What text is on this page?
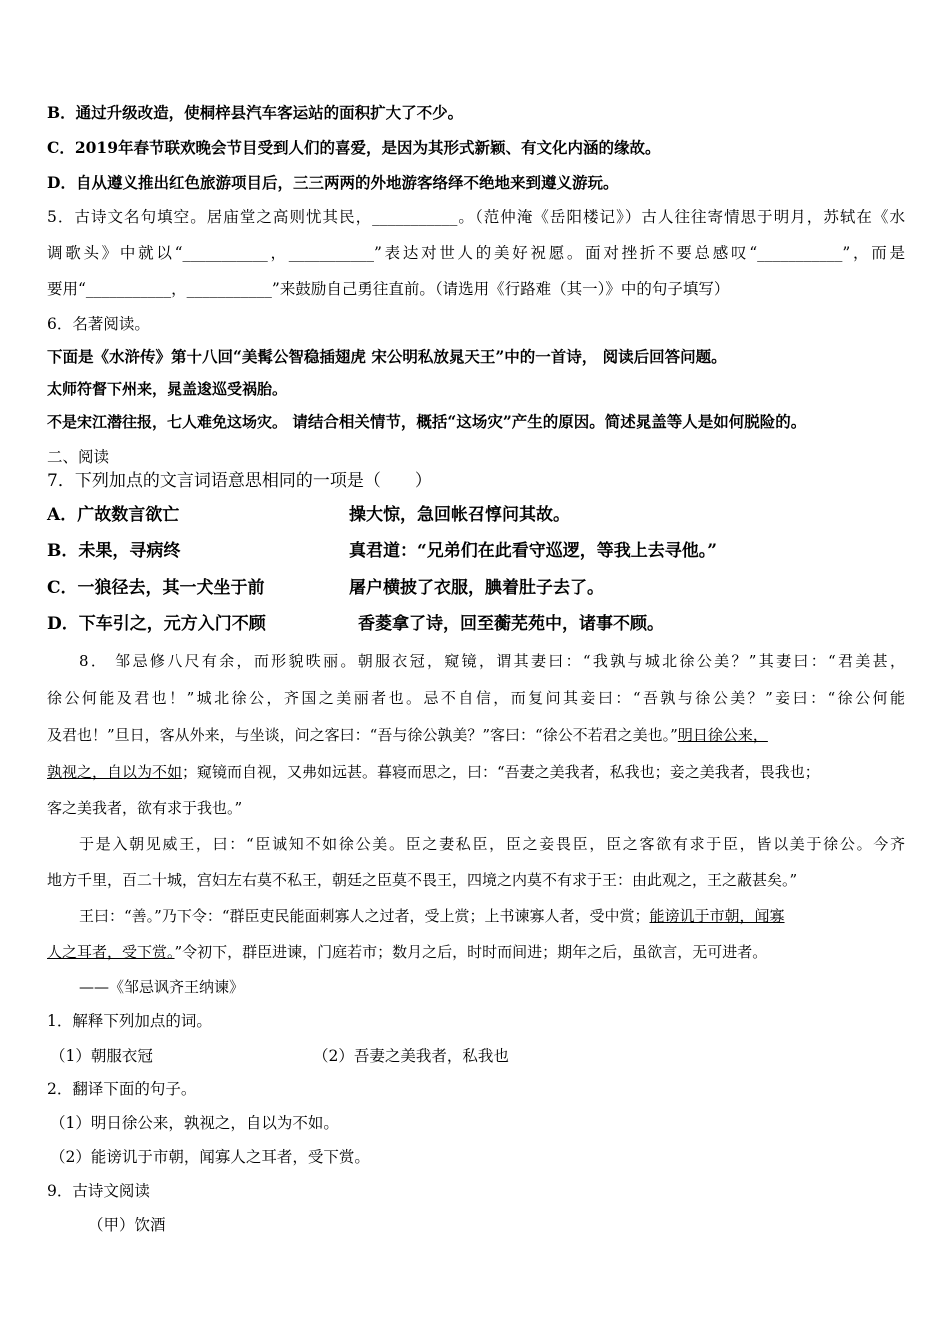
B．通过升级改造，使桐梓县汽车客运站的面积扩大了不少。
C．2019年春节联欢晚会节目受到人们的喜爱，是因为其形式新颖、有文化内涵的缘故。
D．自从遵义推出红色旅游项目后，三三两两的外地游客络绎不绝地来到遵义游玩。
5．古诗文名句填空。居庙堂之高则忧其民，___________。（范仲淹《岳阳楼记》）古人往往寄情思于明月，苏轼在《水
调歌头》中就以“___________，___________”表达对世人的美好祝愿。面对挫折不要总感叹“___________”，而是
要用“___________，___________”来鼓励自己勇往直前。（请选用《行路难（其一）》中的句子填写）
6．名著阅读。
下面是《水浒传》第十八回“美髯公智稳插翅虎 宋公明私放晁天王”中的一首诗， 阅读后回答问题。
太师符督下州来，晁盖逡巡受祸胎。
不是宋江潜往报，七人难免这场灾。 请结合相关情节，概括“这场灾”产生的原因。简述晁盖等人是如何脱险的。
二、阅读
7．下列加点的文言词语意思相同的一项是（　　）
A．广故数言欲亡	操大惊，急回帐召惇问其故。
B．未果，寻病终	真君道：“兄弟们在此看守巡逻，等我上去寻他。”
C．一狼径去，其一犬坐于前	屠户横披了衣服，腆着肚子去了。
D．下车引之，元方入门不顾	香菱拿了诗，回至蘅芜苑中，诸事不顾。
8． 邹忌修八尺有余，而形貌昳丽。朝服衣冠，窥镜，谓其妻曰：“我孰与城北徐公美？”其妻曰：“君美甚，
徐公何能及君也！”城北徐公，齐国之美丽者也。忌不自信，而复问其妾曰：“吾孰与徐公美？”妾曰：“徐公何能
及君也！”旦日，客从外来，与坐谈，问之客曰：“吾与徐公孰美？”客曰：“徐公不若君之美也。”明日徐公来，
孰视之，自以为不如；窥镜而自视，又弗如远甚。暮寝而思之，曰：“吾妻之美我者，私我也；妾之美我者，畏我也；
客之美我者，欲有求于我也。”
于是入朝见威王，曰：“臣诚知不如徐公美。臣之妻私臣，臣之妾畏臣，臣之客欲有求于臣，皆以美于徐公。今齐
地方千里，百二十城，宫妇左右莫不私王，朝廷之臣莫不畏王，四境之内莫不有求于王：由此观之，王之蔽甚矣。”
王曰：“善。”乃下令：“群臣吏民能面刺寡人之过者，受上赏；上书谏寡人者，受中赏；能谤讥于市朝，闻寡
人之耳者，受下赏。”令初下，群臣进谏，门庭若市；数月之后，时时而间进；期年之后，虽欲言，无可进者。
——《邹忌讽齐王纳谏》
1．解释下列加点的词。
（1）朝服衣冠	（2）吾妻之美我者，私我也
2．翻译下面的句子。
（1）明日徐公来，孰视之，自以为不如。
（2）能谤讥于市朝，闻寡人之耳者，受下赏。
9．古诗文阅读
（甲）饮酒
